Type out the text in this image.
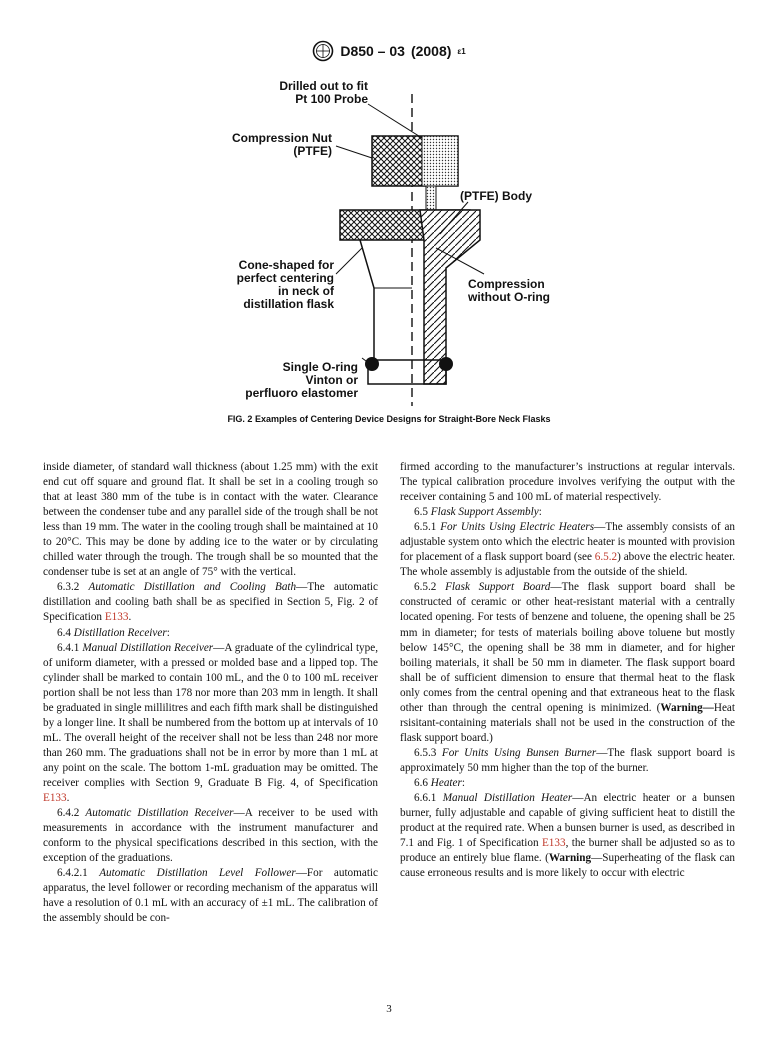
D850 – 03 (2008) ε1
Drilled out to fit
Pt 100 Probe
Compression Nut
(PTFE)
(PTFE) Body
Cone-shaped for
perfect centering
in neck of
distillation flask
Compression
without O-ring
Single O-ring
Vinton or
perfluoro elastomer
FIG. 2 Examples of Centering Device Designs for Straight-Bore Neck Flasks

inside diameter, of standard wall thickness (about 1.25 mm) with the exit end cut off square and ground flat. It shall be set in a cooling trough so that at least 380 mm of the tube is in contact with the water. Clearance between the condenser tube and any parallel side of the trough shall be not less than 19 mm. The water in the cooling trough shall be maintained at 10 to 20°C. This may be done by adding ice to the water or by circulating chilled water through the trough. The trough shall be so mounted that the condenser tube is set at an angle of 75° with the vertical.

6.3.2 Automatic Distillation and Cooling Bath—The automatic distillation and cooling bath shall be as specified in Section 5, Fig. 2 of Specification E133.

6.4 Distillation Receiver:

6.4.1 Manual Distillation Receiver—A graduate of the cylindrical type, of uniform diameter, with a pressed or molded base and a lipped top. The cylinder shall be marked to contain 100 mL, and the 0 to 100 mL receiver portion shall be not less than 178 nor more than 203 mm in length. It shall be graduated in single millilitres and each fifth mark shall be distinguished by a longer line. It shall be numbered from the bottom up at intervals of 10 mL. The overall height of the receiver shall not be less than 248 nor more than 260 mm. The graduations shall not be in error by more than 1 mL at any point on the scale. The bottom 1-mL graduation may be omitted. The receiver complies with Section 9, Graduate B Fig. 4, of Specification E133.

6.4.2 Automatic Distillation Receiver—A receiver to be used with measurements in accordance with the instrument manufacturer and conform to the physical specifications described in this section, with the exception of the graduations.

6.4.2.1 Automatic Distillation Level Follower—For automatic apparatus, the level follower or recording mechanism of the apparatus will have a resolution of 0.1 mL with an accuracy of ±1 mL. The calibration of the assembly should be con-

firmed according to the manufacturer’s instructions at regular intervals. The typical calibration procedure involves verifying the output with the receiver containing 5 and 100 mL of material respectively.

6.5 Flask Support Assembly:

6.5.1 For Units Using Electric Heaters—The assembly consists of an adjustable system onto which the electric heater is mounted with provision for placement of a flask support board (see 6.5.2) above the electric heater. The whole assembly is adjustable from the outside of the shield.

6.5.2 Flask Support Board—The flask support board shall be constructed of ceramic or other heat-resistant material with a centrally located opening. For tests of benzene and toluene, the opening shall be 25 mm in diameter; for tests of materials boiling above toluene but mostly below 145°C, the opening shall be 38 mm in diameter, and for higher boiling materials, it shall be 50 mm in diameter. The flask support board shall be of sufficient dimension to ensure that thermal heat to the flask only comes from the central opening and that extraneous heat to the flask other than through the central opening is minimized. (Warning—Heat rsisitant-containing materials shall not be used in the construction of the flask support board.)

6.5.3 For Units Using Bunsen Burner—The flask support board is approximately 50 mm higher than the top of the burner.

6.6 Heater:

6.6.1 Manual Distillation Heater—An electric heater or a bunsen burner, fully adjustable and capable of giving sufficient heat to distill the product at the required rate. When a bunsen burner is used, as described in 7.1 and Fig. 1 of Specification E133, the burner shall be adjusted so as to produce an entirely blue flame. (Warning—Superheating of the flask can cause erroneous results and is more likely to occur with electric

3
